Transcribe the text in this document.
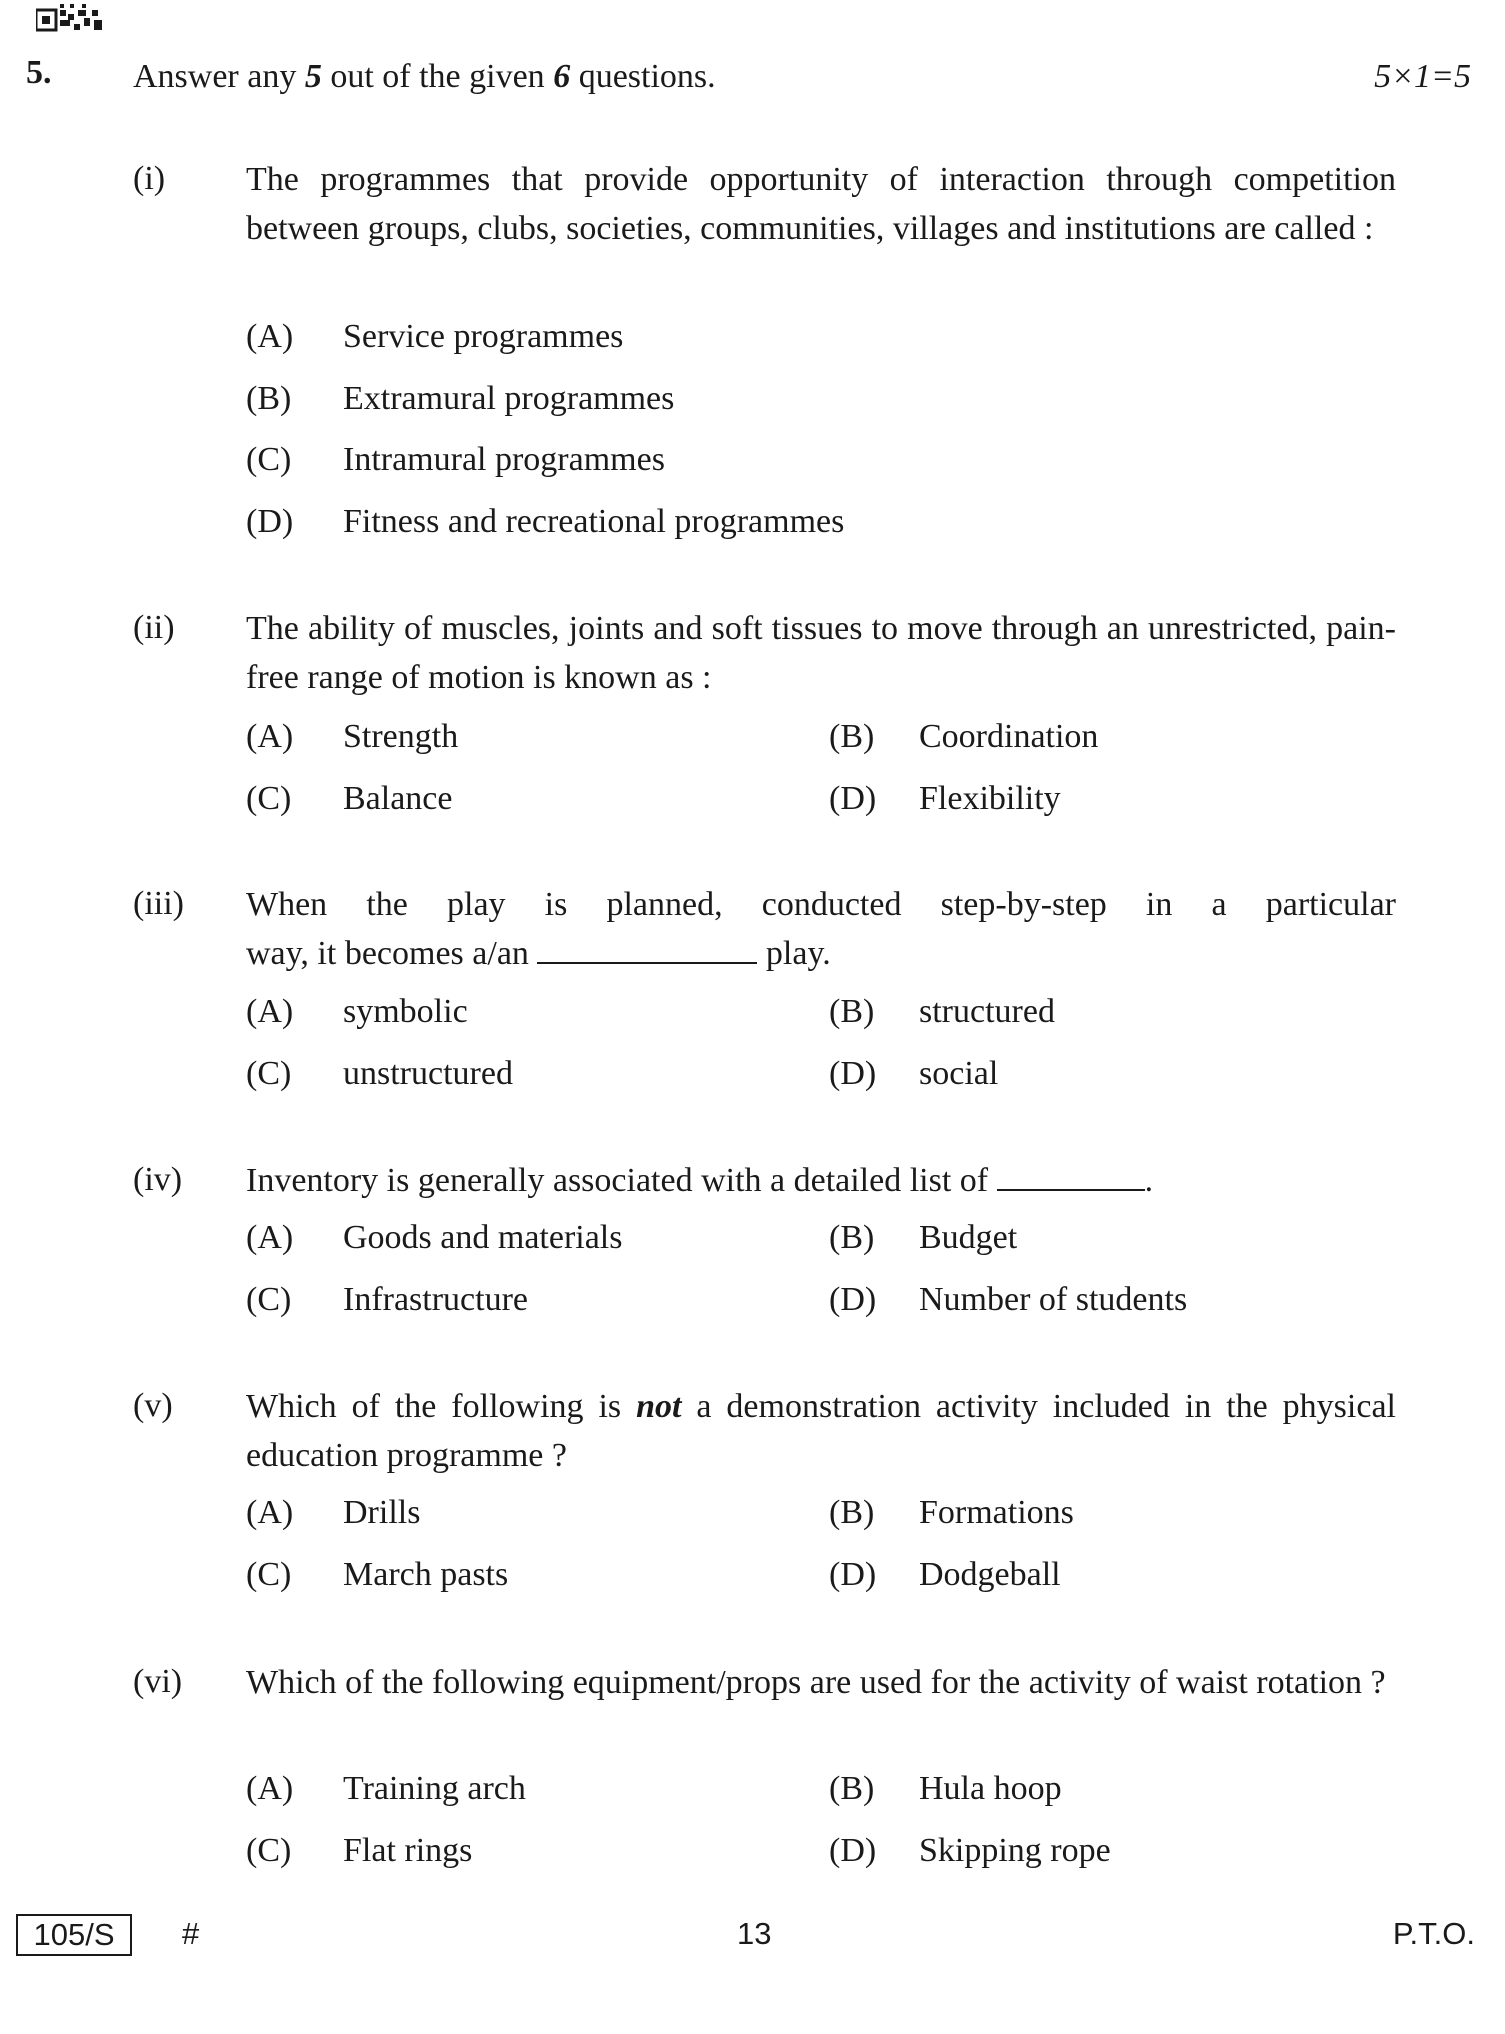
5. Answer any 5 out of the given 6 questions.	5×1=5
(i) The programmes that provide opportunity of interaction through competition between groups, clubs, societies, communities, villages and institutions are called :
(A) Service programmes
(B) Extramural programmes
(C) Intramural programmes
(D) Fitness and recreational programmes
(ii) The ability of muscles, joints and soft tissues to move through an unrestricted, pain-free range of motion is known as :
(A) Strength	(B) Coordination
(C) Balance	(D) Flexibility
(iii) When the play is planned, conducted step-by-step in a particular
way, it becomes a/an	play.
(A) symbolic	(B) structured
(C) unstructured	(D) social
(iv) Inventory is generally associated with a detailed list of	.
(A) Goods and materials	(B) Budget
(C) Infrastructure	(D) Number of students
(v) Which of the following is not a demonstration activity included in the physical education programme ?
(A) Drills	(B) Formations
(C) March pasts	(D) Dodgeball
(vi) Which of the following equipment/props are used for the activity of waist rotation ?
(A) Training arch	(B) Hula hoop
(C) Flat rings	(D) Skipping rope
105/S	#	13	P.T.O.
